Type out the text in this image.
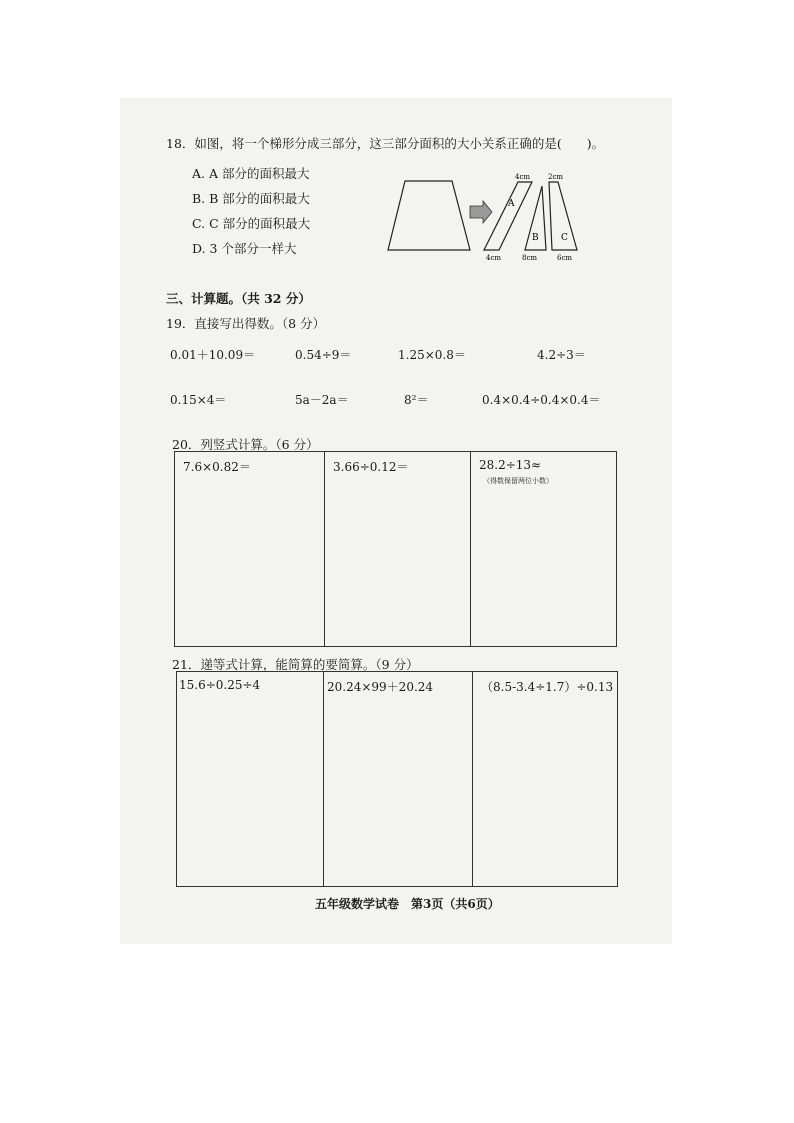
18．如图，将一个梯形分成三部分，这三部分面积的大小关系正确的是(　　)。
A. A 部分的面积最大
B. B 部分的面积最大
C. C 部分的面积最大
D. 3 个部分一样大
A
B C
4cm	2cm
4cm	8cm	6cm
三、计算题。（共 32 分）
19．直接写出得数。（8 分）
0.01＋10.09＝	0.54÷9＝	1.25×0.8＝	4.2÷3＝
0.15×4＝	5a－2a＝	8²＝	0.4×0.4÷0.4×0.4＝
20．列竖式计算。（6 分）
7.6×0.82＝	3.66÷0.12＝	28.2÷13≈
（得数保留两位小数）
21．递等式计算，能简算的要简算。（9 分）
15.6÷0.25÷4	20.24×99＋20.24	（8.5-3.4÷1.7）÷0.13
五年级数学试卷　第3页（共6页）
